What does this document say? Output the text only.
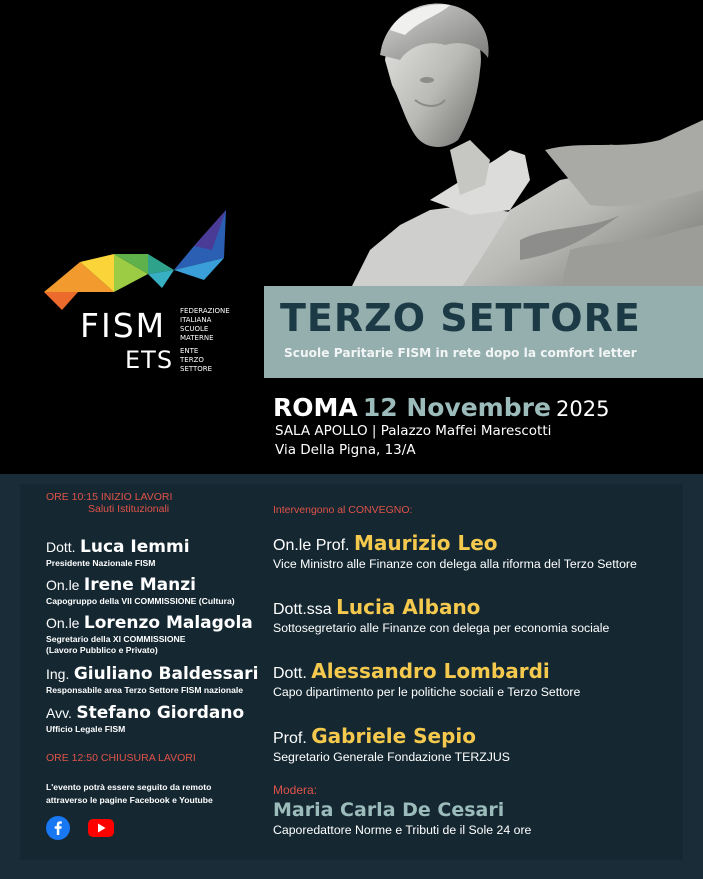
FISM
ETS
FEDERAZIONE
ITALIANA
SCUOLE
MATERNE
ENTE
TERZO
SETTORE
TERZO SETTORE
Scuole Paritarie FISM in rete dopo la comfort letter
ROMA 12 Novembre 2025
SALA APOLLO | Palazzo Maffei Marescotti
Via Della Pigna, 13/A
ORE 10:15 INIZIO LAVORI
Saluti Istituzionali
Dott. Luca Iemmi
Presidente Nazionale FISM
On.le Irene Manzi
Capogruppo della VII COMMISSIONE (Cultura)
On.le Lorenzo Malagola
Segretario della XI COMMISSIONE
(Lavoro Pubblico e Privato)
Ing. Giuliano Baldessari
Responsabile area Terzo Settore FISM nazionale
Avv. Stefano Giordano
Ufficio Legale FISM
ORE 12:50 CHIUSURA LAVORI
L'evento potrà essere seguito da remoto
attraverso le pagine Facebook e Youtube
Intervengono al CONVEGNO:
On.le Prof. Maurizio Leo
Vice Ministro alle Finanze con delega alla riforma del Terzo Settore
Dott.ssa Lucia Albano
Sottosegretario alle Finanze con delega per economia sociale
Dott. Alessandro Lombardi
Capo dipartimento per le politiche sociali e Terzo Settore
Prof. Gabriele Sepio
Segretario Generale Fondazione TERZJUS
Modera:
Maria Carla De Cesari
Caporedattore Norme e Tributi de il Sole 24 ore
